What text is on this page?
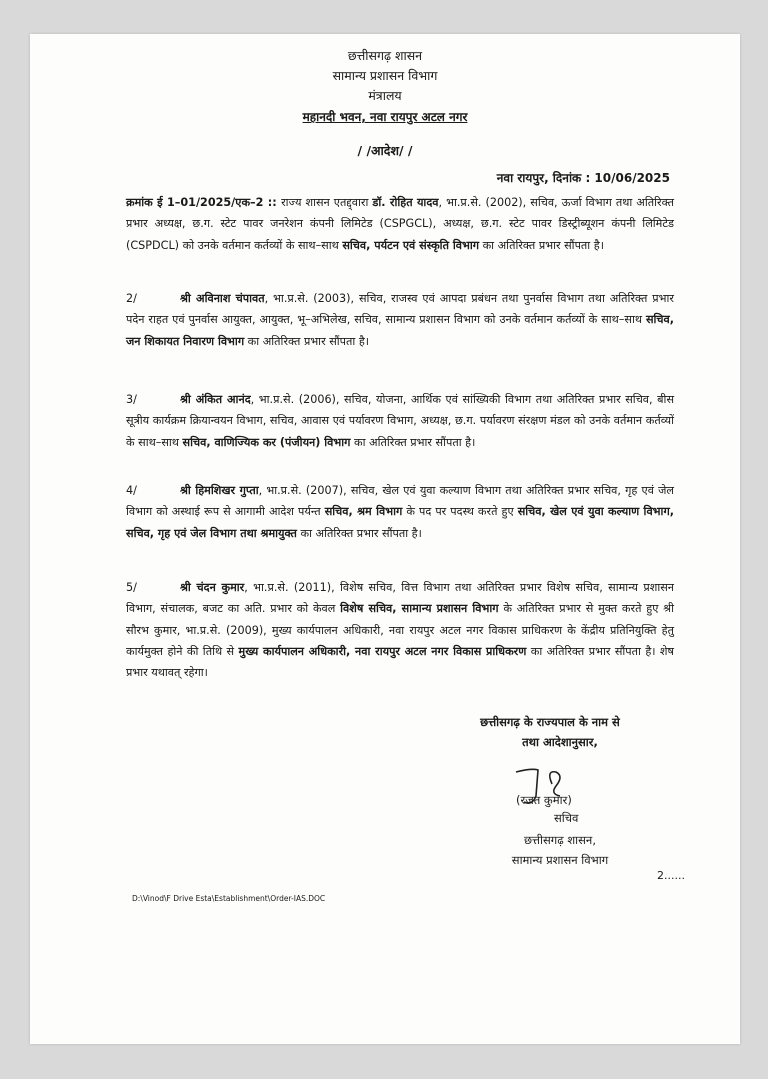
छत्तीसगढ़ शासन
सामान्य प्रशासन विभाग
मंत्रालय
महानदी भवन, नवा रायपुर अटल नगर
/ /आदेश/ /
नवा रायपुर, दिनांक : 10/06/2025

क्रमांक ई 1–01/2025/एक–2 :: राज्य शासन एतद्द्वारा डॉ. रोहित यादव, भा.प्र.से. (2002), सचिव, ऊर्जा विभाग तथा अतिरिक्त प्रभार अध्यक्ष, छ.ग. स्टेट पावर जनरेशन कंपनी लिमिटेड (CSPGCL), अध्यक्ष, छ.ग. स्टेट पावर डिस्ट्रीब्यूशन कंपनी लिमिटेड (CSPDCL) को उनके वर्तमान कर्तव्यों के साथ–साथ सचिव, पर्यटन एवं संस्कृति विभाग का अतिरिक्त प्रभार सौंपता है।

2/	श्री अविनाश चंपावत, भा.प्र.से. (2003), सचिव, राजस्व एवं आपदा प्रबंधन तथा पुनर्वास विभाग तथा अतिरिक्त प्रभार पदेन राहत एवं पुनर्वास आयुक्त, आयुक्त, भू–अभिलेख, सचिव, सामान्य प्रशासन विभाग को उनके वर्तमान कर्तव्यों के साथ–साथ सचिव, जन शिकायत निवारण विभाग का अतिरिक्त प्रभार सौंपता है।

3/	श्री अंकित आनंद, भा.प्र.से. (2006), सचिव, योजना, आर्थिक एवं सांख्यिकी विभाग तथा अतिरिक्त प्रभार सचिव, बीस सूत्रीय कार्यक्रम क्रियान्वयन विभाग, सचिव, आवास एवं पर्यावरण विभाग, अध्यक्ष, छ.ग. पर्यावरण संरक्षण मंडल को उनके वर्तमान कर्तव्यों के साथ–साथ सचिव, वाणिज्यिक कर (पंजीयन) विभाग का अतिरिक्त प्रभार सौंपता है।

4/	श्री हिमशिखर गुप्ता, भा.प्र.से. (2007), सचिव, खेल एवं युवा कल्याण विभाग तथा अतिरिक्त प्रभार सचिव, गृह एवं जेल विभाग को अस्थाई रूप से आगामी आदेश पर्यन्त सचिव, श्रम विभाग के पद पर पदस्थ करते हुए सचिव, खेल एवं युवा कल्याण विभाग, सचिव, गृह एवं जेल विभाग तथा श्रमायुक्त का अतिरिक्त प्रभार सौंपता है।

5/	श्री चंदन कुमार, भा.प्र.से. (2011), विशेष सचिव, वित्त विभाग तथा अतिरिक्त प्रभार विशेष सचिव, सामान्य प्रशासन विभाग, संचालक, बजट का अति. प्रभार को केवल विशेष सचिव, सामान्य प्रशासन विभाग के अतिरिक्त प्रभार से मुक्त करते हुए श्री सौरभ कुमार, भा.प्र.से. (2009), मुख्य कार्यपालन अधिकारी, नवा रायपुर अटल नगर विकास प्राधिकरण के केंद्रीय प्रतिनियुक्ति हेतु कार्यमुक्त होने की तिथि से मुख्य कार्यपालन अधिकारी, नवा रायपुर अटल नगर विकास प्राधिकरण का अतिरिक्त प्रभार सौंपता है। शेष प्रभार यथावत् रहेगा।

छत्तीसगढ़ के राज्यपाल के नाम से
तथा आदेशानुसार,
(रजत कुमार)
सचिव
छत्तीसगढ़ शासन,
सामान्य प्रशासन विभाग
2......
D:\Vinod\F Drive Esta\Establishment\Order-IAS.DOC
